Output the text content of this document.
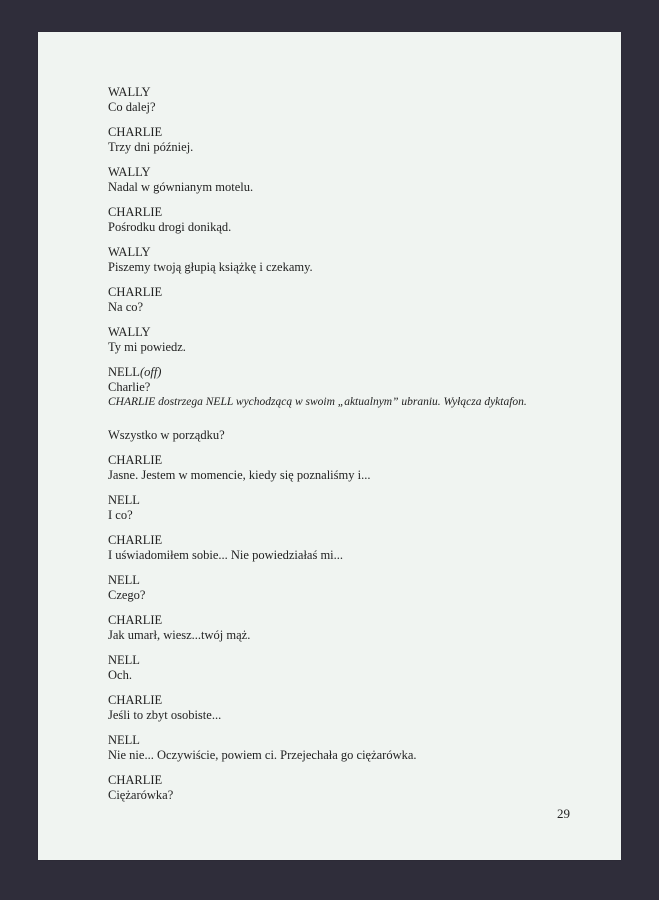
WALLY
Co dalej?
CHARLIE
Trzy dni później.
WALLY
Nadal w gównianym motelu.
CHARLIE
Pośrodku drogi donikąd.
WALLY
Piszemy twoją głupią książkę i czekamy.
CHARLIE
Na co?
WALLY
Ty mi powiedz.
NELL(off)
Charlie?
CHARLIE dostrzega NELL wychodzącą w swoim „aktualnym” ubraniu. Wyłącza dyktafon.
Wszystko w porządku?
CHARLIE
Jasne. Jestem w momencie, kiedy się poznaliśmy i...
NELL
I co?
CHARLIE
I uświadomiłem sobie... Nie powiedziałaś mi...
NELL
Czego?
CHARLIE
Jak umarł, wiesz...twój mąż.
NELL
Och.
CHARLIE
Jeśli to zbyt osobiste...
NELL
Nie nie... Oczywiście, powiem ci. Przejechała go ciężarówka.
CHARLIE
Ciężarówka?
29
